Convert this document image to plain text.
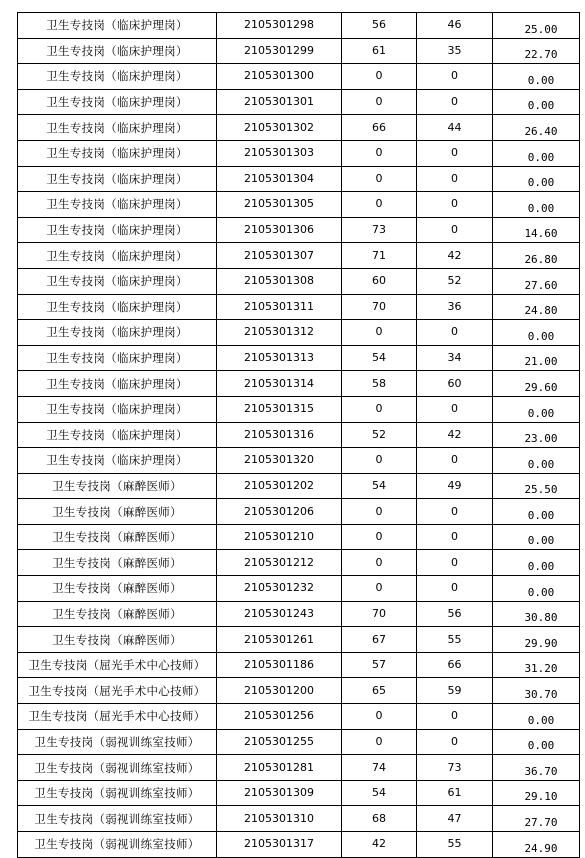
卫生专技岗（临床护理岗）	2105301298	56	46	25.00
卫生专技岗（临床护理岗）	2105301299	61	35	22.70
卫生专技岗（临床护理岗）	2105301300	0	0	0.00
卫生专技岗（临床护理岗）	2105301301	0	0	0.00
卫生专技岗（临床护理岗）	2105301302	66	44	26.40
卫生专技岗（临床护理岗）	2105301303	0	0	0.00
卫生专技岗（临床护理岗）	2105301304	0	0	0.00
卫生专技岗（临床护理岗）	2105301305	0	0	0.00
卫生专技岗（临床护理岗）	2105301306	73	0	14.60
卫生专技岗（临床护理岗）	2105301307	71	42	26.80
卫生专技岗（临床护理岗）	2105301308	60	52	27.60
卫生专技岗（临床护理岗）	2105301311	70	36	24.80
卫生专技岗（临床护理岗）	2105301312	0	0	0.00
卫生专技岗（临床护理岗）	2105301313	54	34	21.00
卫生专技岗（临床护理岗）	2105301314	58	60	29.60
卫生专技岗（临床护理岗）	2105301315	0	0	0.00
卫生专技岗（临床护理岗）	2105301316	52	42	23.00
卫生专技岗（临床护理岗）	2105301320	0	0	0.00
卫生专技岗（麻醉医师）	2105301202	54	49	25.50
卫生专技岗（麻醉医师）	2105301206	0	0	0.00
卫生专技岗（麻醉医师）	2105301210	0	0	0.00
卫生专技岗（麻醉医师）	2105301212	0	0	0.00
卫生专技岗（麻醉医师）	2105301232	0	0	0.00
卫生专技岗（麻醉医师）	2105301243	70	56	30.80
卫生专技岗（麻醉医师）	2105301261	67	55	29.90
卫生专技岗（屈光手术中心技师）	2105301186	57	66	31.20
卫生专技岗（屈光手术中心技师）	2105301200	65	59	30.70
卫生专技岗（屈光手术中心技师）	2105301256	0	0	0.00
卫生专技岗（弱视训练室技师）	2105301255	0	0	0.00
卫生专技岗（弱视训练室技师）	2105301281	74	73	36.70
卫生专技岗（弱视训练室技师）	2105301309	54	61	29.10
卫生专技岗（弱视训练室技师）	2105301310	68	47	27.70
卫生专技岗（弱视训练室技师）	2105301317	42	55	24.90
